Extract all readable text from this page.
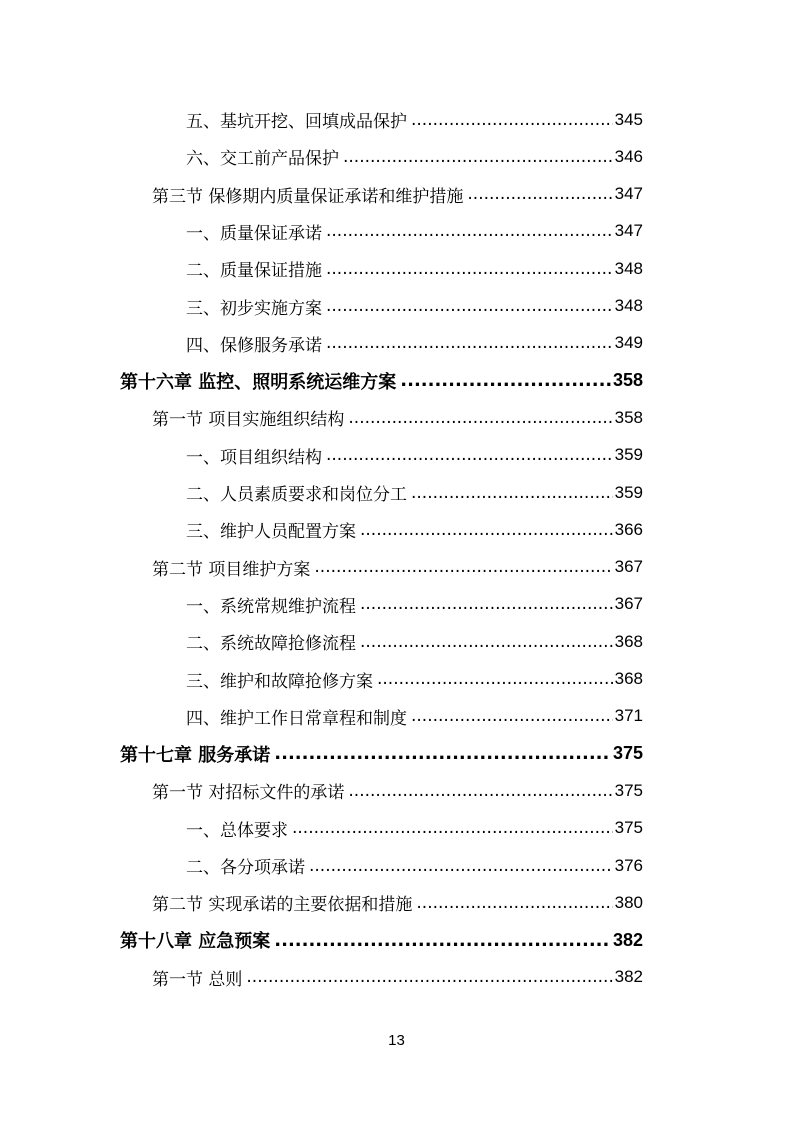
五、基坑开挖、回填成品保护 .....	345
六、交工前产品保护 .....	346
第三节 保修期内质量保证承诺和维护措施 .....	347
一、质量保证承诺 .....	347
二、质量保证措施 .....	348
三、初步实施方案 .....	348
四、保修服务承诺 .....	349
第十六章 监控、照明系统运维方案 .....	358
第一节 项目实施组织结构 .....	358
一、项目组织结构 .....	359
二、人员素质要求和岗位分工 .....	359
三、维护人员配置方案 .....	366
第二节 项目维护方案 .....	367
一、系统常规维护流程 .....	367
二、系统故障抢修流程 .....	368
三、维护和故障抢修方案 .....	368
四、维护工作日常章程和制度 .....	371
第十七章 服务承诺 .....	375
第一节 对招标文件的承诺 .....	375
一、总体要求 .....	375
二、各分项承诺 .....	376
第二节 实现承诺的主要依据和措施 .....	380
第十八章 应急预案 .....	382
第一节 总则 .....	382
13
